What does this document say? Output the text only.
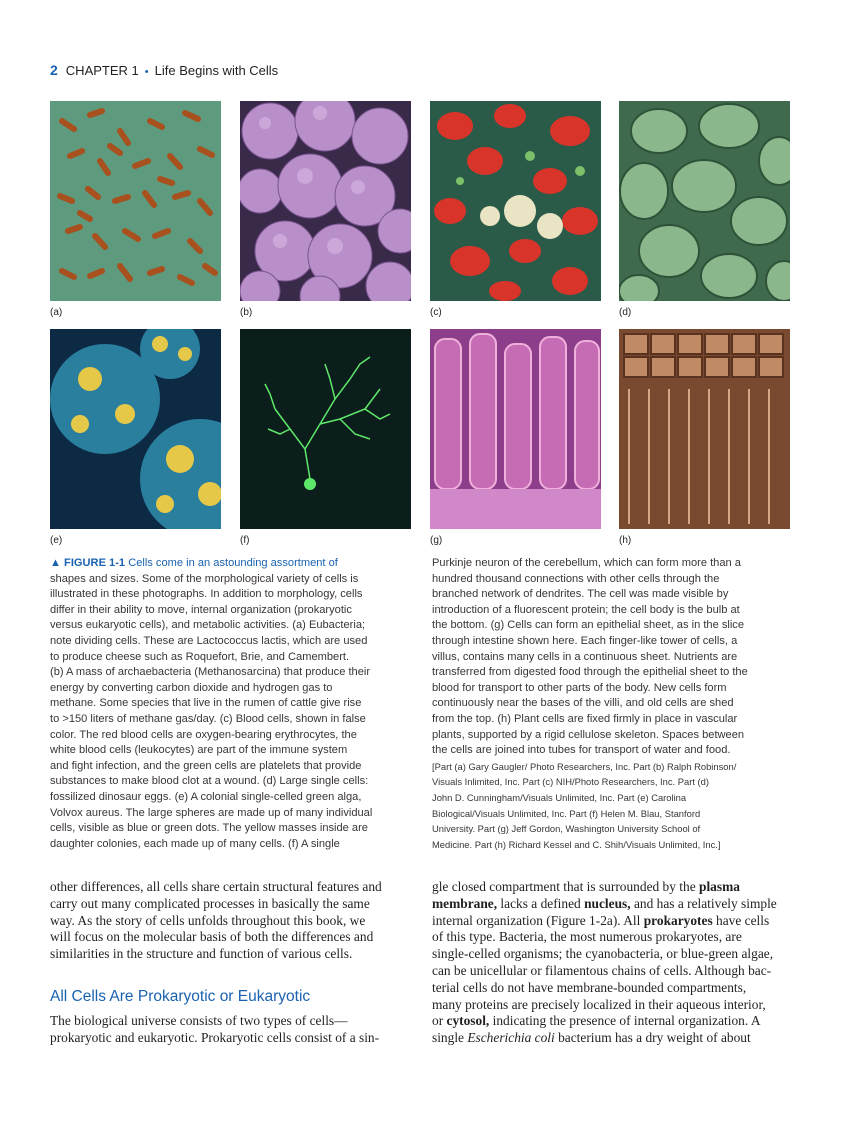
2 CHAPTER 1 • Life Begins with Cells
(a)	(b)	(c)	(d)
(e)	(f)	(g)	(h)
▲ FIGURE 1-1 Cells come in an astounding assortment of
shapes and sizes. Some of the morphological variety of cells is
illustrated in these photographs. In addition to morphology, cells
differ in their ability to move, internal organization (prokaryotic
versus eukaryotic cells), and metabolic activities. (a) Eubacteria;
note dividing cells. These are Lactococcus lactis, which are used
to produce cheese such as Roquefort, Brie, and Camembert.
(b) A mass of archaebacteria (Methanosarcina) that produce their
energy by converting carbon dioxide and hydrogen gas to
methane. Some species that live in the rumen of cattle give rise
to >150 liters of methane gas/day. (c) Blood cells, shown in false
color. The red blood cells are oxygen-bearing erythrocytes, the
white blood cells (leukocytes) are part of the immune system
and fight infection, and the green cells are platelets that provide
substances to make blood clot at a wound. (d) Large single cells:
fossilized dinosaur eggs. (e) A colonial single-celled green alga,
Volvox aureus. The large spheres are made up of many individual
cells, visible as blue or green dots. The yellow masses inside are
daughter colonies, each made up of many cells. (f) A single
Purkinje neuron of the cerebellum, which can form more than a
hundred thousand connections with other cells through the
branched network of dendrites. The cell was made visible by
introduction of a fluorescent protein; the cell body is the bulb at
the bottom. (g) Cells can form an epithelial sheet, as in the slice
through intestine shown here. Each finger-like tower of cells, a
villus, contains many cells in a continuous sheet. Nutrients are
transferred from digested food through the epithelial sheet to the
blood for transport to other parts of the body. New cells form
continuously near the bases of the villi, and old cells are shed
from the top. (h) Plant cells are fixed firmly in place in vascular
plants, supported by a rigid cellulose skeleton. Spaces between
the cells are joined into tubes for transport of water and food.
[Part (a) Gary Gaugler/ Photo Researchers, Inc. Part (b) Ralph Robinson/
Visuals Inlimited, Inc. Part (c) NIH/Photo Researchers, Inc. Part (d)
John D. Cunningham/Visuals Unlimited, Inc. Part (e) Carolina
Biological/Visuals Unlimited, Inc. Part (f) Helen M. Blau, Stanford
University. Part (g) Jeff Gordon, Washington University School of
Medicine. Part (h) Richard Kessel and C. Shih/Visuals Unlimited, Inc.]
other differences, all cells share certain structural features and
carry out many complicated processes in basically the same
way. As the story of cells unfolds throughout this book, we
will focus on the molecular basis of both the differences and
similarities in the structure and function of various cells.
All Cells Are Prokaryotic or Eukaryotic
The biological universe consists of two types of cells—
prokaryotic and eukaryotic. Prokaryotic cells consist of a sin-
gle closed compartment that is surrounded by the plasma
membrane, lacks a defined nucleus, and has a relatively simple
internal organization (Figure 1-2a). All prokaryotes have cells
of this type. Bacteria, the most numerous prokaryotes, are
single-celled organisms; the cyanobacteria, or blue-green algae,
can be unicellular or filamentous chains of cells. Although bac-
terial cells do not have membrane-bounded compartments,
many proteins are precisely localized in their aqueous interior,
or cytosol, indicating the presence of internal organization. A
single Escherichia coli bacterium has a dry weight of about
